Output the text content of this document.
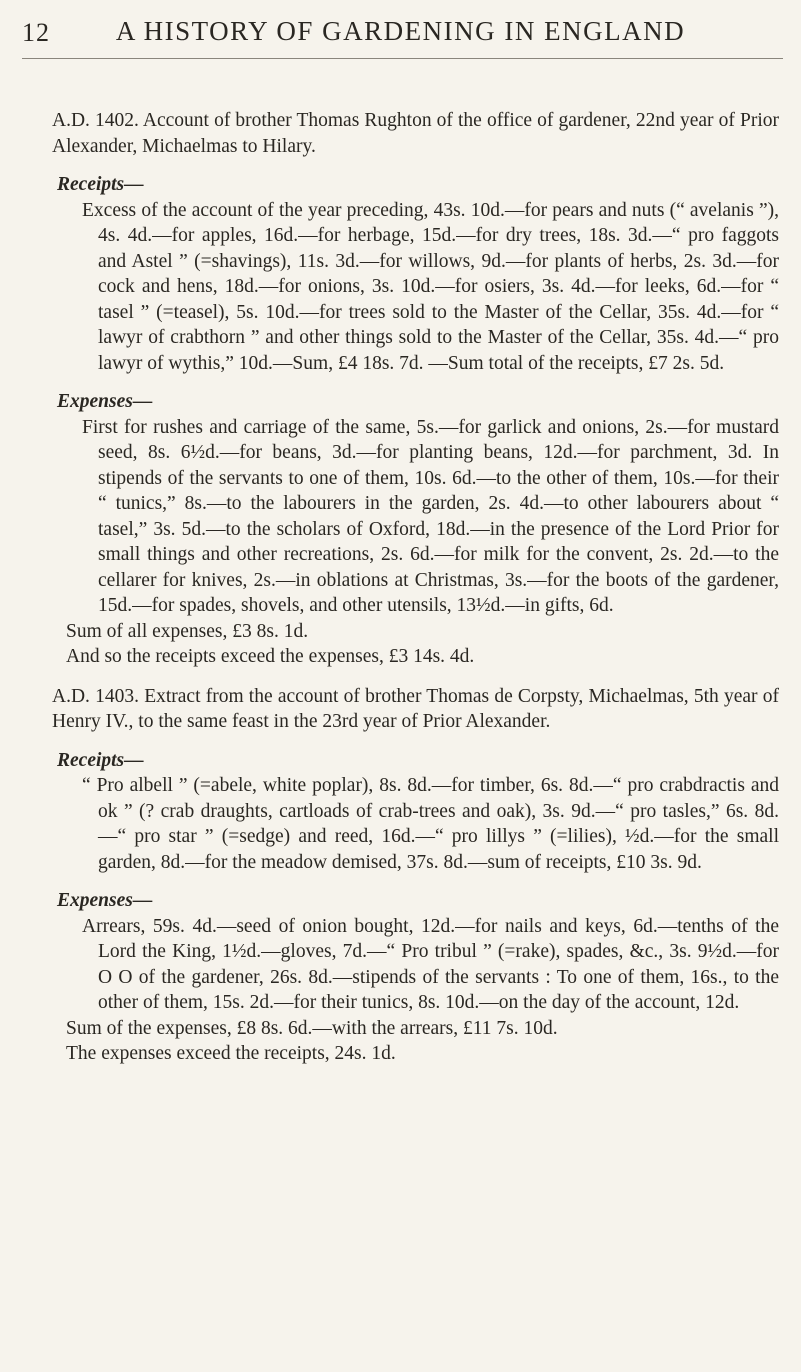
12	A HISTORY OF GARDENING IN ENGLAND

A.D. 1402. Account of brother Thomas Rughton of the office of gardener, 22nd year of Prior Alexander, Michaelmas to Hilary.

Receipts—

Excess of the account of the year preceding, 43s. 10d.—for pears and nuts (“ avelanis ”), 4s. 4d.—for apples, 16d.—for herbage, 15d.—for dry trees, 18s. 3d.—“ pro faggots and Astel ” (=shavings), 11s. 3d.—for willows, 9d.—for plants of herbs, 2s. 3d.—for cock and hens, 18d.—for onions, 3s. 10d.—for osiers, 3s. 4d.—for leeks, 6d.—for “ tasel ” (=teasel), 5s. 10d.—for trees sold to the Master of the Cellar, 35s. 4d.—for “ lawyr of crabthorn ” and other things sold to the Master of the Cellar, 35s. 4d.—“ pro lawyr of wythis,” 10d.—Sum, £4 18s. 7d. —Sum total of the receipts, £7 2s. 5d.

Expenses—

First for rushes and carriage of the same, 5s.—for garlick and onions, 2s.—for mustard seed, 8s. 6½d.—for beans, 3d.—for planting beans, 12d.—for parchment, 3d. In stipends of the servants to one of them, 10s. 6d.—to the other of them, 10s.—for their “ tunics,” 8s.—to the labourers in the garden, 2s. 4d.—to other labourers about “ tasel,” 3s. 5d.—to the scholars of Oxford, 18d.—in the presence of the Lord Prior for small things and other recreations, 2s. 6d.—for milk for the convent, 2s. 2d.—to the cellarer for knives, 2s.—in oblations at Christmas, 3s.—for the boots of the gardener, 15d.—for spades, shovels, and other utensils, 13½d.—in gifts, 6d.

Sum of all expenses, £3 8s. 1d.

And so the receipts exceed the expenses, £3 14s. 4d.

A.D. 1403. Extract from the account of brother Thomas de Corpsty, Michaelmas, 5th year of Henry IV., to the same feast in the 23rd year of Prior Alexander.

Receipts—

“ Pro albell ” (=abele, white poplar), 8s. 8d.—for timber, 6s. 8d.—“ pro crabdractis and ok ” (? crab draughts, cartloads of crab-trees and oak), 3s. 9d.—“ pro tasles,” 6s. 8d.—“ pro star ” (=sedge) and reed, 16d.—“ pro lillys ” (=lilies), ½d.—for the small garden, 8d.—for the meadow demised, 37s. 8d.—sum of receipts, £10 3s. 9d.

Expenses—

Arrears, 59s. 4d.—seed of onion bought, 12d.—for nails and keys, 6d.—tenths of the Lord the King, 1½d.—gloves, 7d.—“ Pro tribul ” (=rake), spades, &c., 3s. 9½d.—for O O of the gardener, 26s. 8d.—stipends of the servants : To one of them, 16s., to the other of them, 15s. 2d.—for their tunics, 8s. 10d.—on the day of the account, 12d.

Sum of the expenses, £8 8s. 6d.—with the arrears, £11 7s. 10d.

The expenses exceed the receipts, 24s. 1d.
